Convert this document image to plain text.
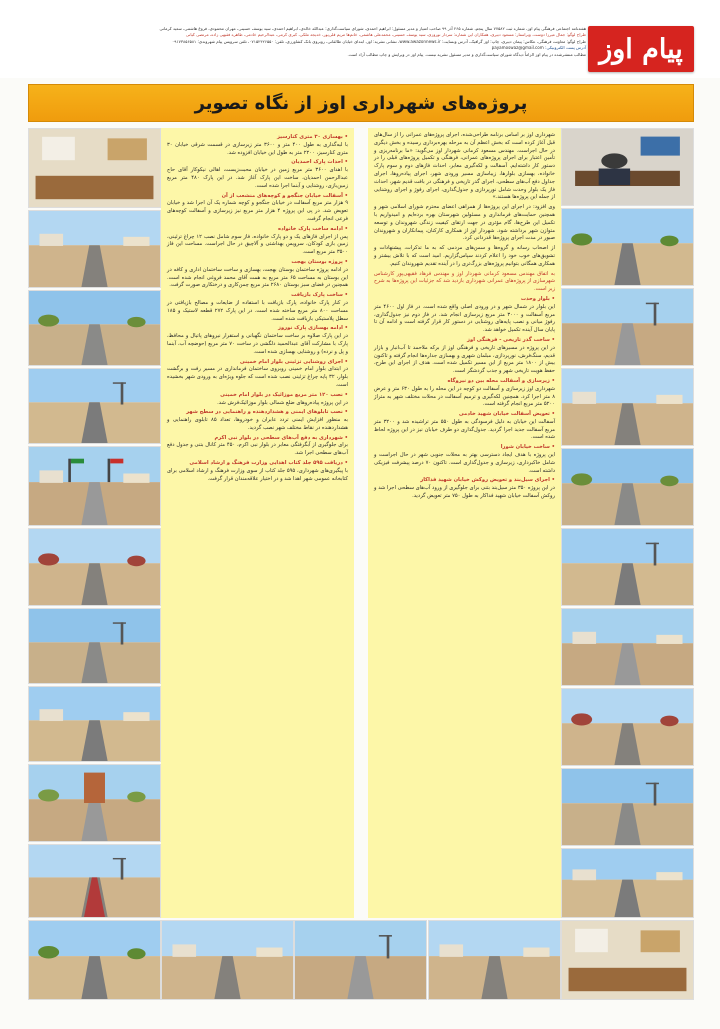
هفته‌نامه اجتماعی فرهنگی پیام اوز، شماره ثبت ۷۷۵۸۲ سال پنجم، شماره ۲۶۵ آذر ۹۹ صاحب امتیاز و مدیر مسئول: ابراهیم احمدی، شورای سیاست‌گذاری: عبدالله خالدی، ابراهیم احمدی، سید یوسف حسینی، مهران محمودی، فروغ هاشمی، سعید کرمانی
طراح لوگو: جمال میرزا دوست، ویراستار: مسعود دبیری، همکاران این شماره: سردار نوروزی، سید یوسف حسینی، محمدعلی هاشمی، خانم‌ها مریم قلی‌پور، خدیجه ملکی، کبری کرمی، عبدالرحیم خادمی، طاهره فقیهی زاده، مرتضی کیانی
طراح لوگو: معاونت فرهنگی، عکاس: پیمان دبیری، چاپ: اوز گرافیک، آدرس وبسایت: www.awazonnews.ir، نشانی نشریه: اوز، ابتدای خیابان طالقانی، روبروی بانک کشاورزی، تلفن: ۰۷۱۵۲۴۲۶۵۵۰، تلفن سرویس پیام شهروندی: ۰۹۱۷۳۸۵۶۵۸۱
آدرس پست الکترونیکی: payamoswaz@gmail.com
مطالب منتشرشده در پیام اوز الزاماً دیدگاه شورای سیاست‌گذاری و مدیر مسئول نشریه نیست. پیام اوز در ویرایش و چاپ مطالب آزاد است. پیام اوز
پروژه‌های شهرداری اوز از نگاه تصویر

شهرداری اوز بر اساس برنامه طراحی‌شده، اجرای پروژه‌های عمرانی را از سال‌های قبل آغاز کرده است که بخش اعظم آن به مرحله بهره‌برداری رسیده و بخش دیگری در حال اجراست. مهندس مسعود کرمانی شهردار اوز می‌گوید: «ما برنامه‌ریزی و تأمین اعتبار برای اجرای پروژه‌های عمرانی، فرهنگی و تکمیل پروژه‌های قبلی را در دستور کار داشته‌ایم. آسفالت و لکه‌گیری معابر، احداث فازهای دوم و سوم پارک خانواده، بهسازی بلوارها، زیباسازی مسیر ورودی شهر، اجرای پیاده‌روها، اجرای جداول دفع آب‌های سطحی، اجرای گذر تاریخی و فرهنگی در بافت قدیم شهر، احداث فاز یک بلوار وحدت شامل نورپردازی و جدول‌گذاری، اجرای رفوژ و اجرای روشنایی از جمله این پروژه‌ها هستند.»

وی افزود: در اجرای این پروژه‌ها از همراهی اعضای محترم شورای اسلامی شهر و همچنین حمایت‌های فرمانداری و مسئولین شهرستان بهره برده‌ایم و امیدواریم با تکمیل این طرح‌ها، گام مؤثری در جهت ارتقای کیفیت زندگی شهروندان و توسعه متوازن شهر برداشته شود. شهردار اوز از همکاری کارکنان، پیمانکاران و شهروندان صبور در مدت اجرای پروژه‌ها قدردانی کرد.

از اصحاب رسانه و گروه‌ها و سمن‌های مردمی که به ما تذکرات، پیشنهادات و تشویق‌های خوب خود را اعلام کردند سپاس‌گزاریم. امید است که با تلاش بیشتر و همکاری همگانی بتوانیم پروژه‌های بزرگ‌تری را در آینده تقدیم شهروندان کنیم.

به اتفاق مهندس مسعود کرمانی شهردار اوز و مهندس فرهاد فقیهی‌پور کارشناس شهرسازی از پروژه‌های عمرانی شهرداری بازدید شد که جزئیات این پروژه‌ها به شرح زیر است.

• بلوار وحدت

این بلوار در شمال شهر و در ورودی اصلی واقع شده است. در فاز اول ۴۶۰۰ متر مربع آسفالت و ۳۰۰۰ متر مربع زیرسازی انجام شد. در فاز دوم نیز جدول‌گذاری، رفوژ میانی و نصب پایه‌های روشنایی در دستور کار قرار گرفته است و ادامه آن تا پایان سال آینده تکمیل خواهد شد.

• ساخت گذر تاریخی - فرهنگی اوز

در این پروژه در مسیرهای تاریخی و فرهنگی اوز از برکه ملاحمد تا آب‌انبار و بازار قدیم، سنگ‌فرش، نورپردازی، مبلمان شهری و بهسازی جداره‌ها انجام گرفته و تاکنون بیش از ۱۸۰۰ متر مربع از این مسیر تکمیل شده است. هدف از اجرای این طرح، حفظ هویت تاریخی شهر و جذب گردشگر است.

• زیرسازی و آسفالت محله بین دو نیروگاه

شهرداری اوز زیرسازی و آسفالت دو کوچه در این محله را به طول ۶۳۰ متر و عرض ۸ متر اجرا کرد. همچنین لکه‌گیری و ترمیم آسفالت در محلات مختلف شهر به متراژ ۵۲۰۰ متر مربع انجام گرفته است.

• تعویض آسفالت خیابان شهید خادمی

آسفالت این خیابان به دلیل فرسودگی به طول ۵۵۰ متر تراشیده شد و ۳۲۰۰ متر مربع آسفالت جدید اجرا گردید. جدول‌گذاری دو طرف خیابان نیز در این پروژه لحاظ شده است.

• ساخت خیابان شورا

این پروژه با هدف ایجاد دسترسی بهتر به محلات جنوبی شهر در حال اجراست و شامل خاکبرداری، زیرسازی و جدول‌گذاری است. تاکنون ۷۰ درصد پیشرفت فیزیکی داشته است.

• اجرای سیل‌بند و تعویض روکش خیابان شهید فداکار

در این پروژه ۳۵۰ متر سیل‌بند بتنی برای جلوگیری از ورود آب‌های سطحی اجرا شد و روکش آسفالت خیابان شهید فداکار به طول ۷۵۰ متر تعویض گردید.

• بهسازی ۳۰ متری کنارسیز

با لبه‌گذاری به طول ۴۰۰ متر و ۳۶۰۰ متر زیرسازی در قسمت شرقی خیابان ۳۰ متری کنارسیز، ۲۲۰۰ متر به طول این خیابان افزوده شد.

• احداث پارک احمدیان

با اهدای ۳۶۰۰ متر مربع زمین در خیابان محبت‌زیست، اهالی نیکوکار آقای حاج عبدالرحمن احمدیان، ساخت این پارک آغاز شد. در این پارک ۴۸۰ متر مربع زمین‌بازی، روشنایی و آبنما اجرا شده است.

• آسفالت خیابان جنگجو و کوچه‌های منشعب از آن

۹ هزار متر مربع آسفالت در خیابان جنگجو و کوچه شماره یک آن اجرا شد و خیابان تعویض شد. در پی این پروژه ۴ هزار متر مربع نیز زیرسازی و آسفالت کوچه‌های فرعی انجام گرفت.

• ادامه ساخت پارک خانواده

پس از اجرای فازهای یک و دو پارک خانواده، فاز سوم شامل نصب ۱۲ چراغ ترئینی، زمین بازی کودکان، سرویس بهداشتی و آلاچیق در حال اجراست. مساحت این فاز ۳۵۰۰ متر مربع است.

• پروژه بوستان بهجت

در ادامه پروژه ساختمان بوستان بهجت، بهسازی و ساخت ساختمان اداری و کافه در این بوستان به مساحت ۶۵ متر مربع به همت آقای محمد فروغی انجام شده است. همچنین در فضای سبز بوستان ۲۶۸۰ متر مربع چمن‌کاری و درختکاری صورت گرفت.

• ساخت پارک بازیافت

در کنار پارک خانواده، پارک بازیافت با استفاده از ضایعات و مصالح بازیافتی در مساحت ۸۰۰ متر مربع ساخته شده است. در این پارک ۲۷۲ قطعه لاستیک و ۱۸۵ سطل پلاستیکی بازیافت شده است.

• ادامه بهسازی پارک نوروز

در این پارک صلاوه بر ساخت ساختمان نگهبانی و استقرار نیروهای پاتیال و محافظ، پارک با مشارکت آقای عبدالحمید دلگشی در ساخت ۷۰ متر مربع (حوضچه آب، آبنما و پل و نرده) و روشنایی بهسازی شده است.

• اجرای روشنایی تزئینی بلوار امام خمینی

در ابتدای بلوار امام خمینی روبروی ساختمان فرمانداری در مسیر رفت و برگشت بلوار، ۳۲ پایه چراغ تزئینی نصب شده است که جلوه ویژه‌ای به ورودی شهر بخشیده است.

• نصب ۱۲۰ متر مربع موزائیک در بلوار امام خمینی

در این پروژه پیاده‌روهای ضلع شمالی بلوار موزائیک‌فرش شد.

• نصب تابلوهای ایمنی و هشداردهنده و راهنمایی در سطح شهر

به منظور افزایش ایمنی تردد عابران و خودروها، تعداد ۸۵ تابلوی راهنمایی و هشداردهنده در نقاط مختلف شهر نصب گردید.

• شهرداری به دفع آب‌های سطحی در بلوار نبی اکرم

برای جلوگیری از آبگرفتگی معابر در بلوار نبی اکرم، ۴۵۰ متر کانال بتنی و جدول دفع آب‌های سطحی اجرا شد.

• دریافت ۵۹۵ جلد کتاب اهدایی وزارت فرهنگ و ارشاد اسلامی

با پیگیری‌های شهرداری، ۵۹۵ جلد کتاب از سوی وزارت فرهنگ و ارشاد اسلامی برای کتابخانه عمومی شهر اهدا شد و در اختیار علاقه‌مندان قرار گرفت.
